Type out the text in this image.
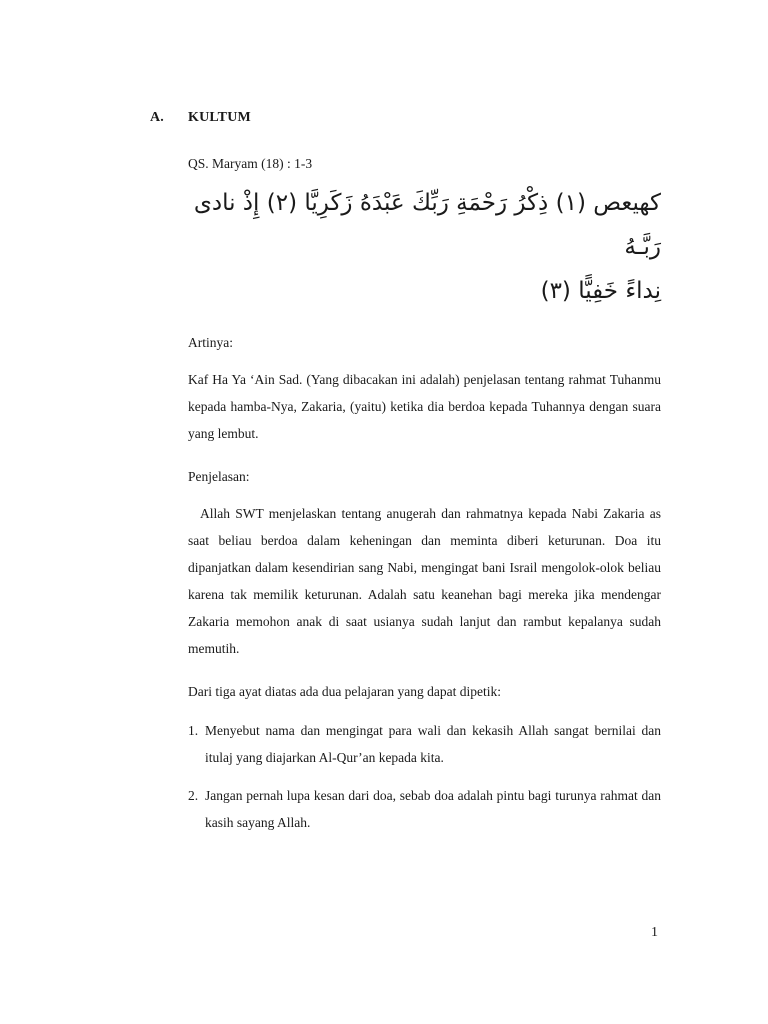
A. KULTUM

QS. Maryam (18) : 1-3

كهيعص (١) ذِكْرُ رَحْمَةِ رَبِّكَ عَبْدَهُ زَكَرِيَّا (٢) إِذْ نادى رَبَّـهُ
نِداءً خَفِيًّا (٣)

Artinya:

Kaf Ha Ya ‘Ain Sad. (Yang dibacakan ini adalah) penjelasan tentang rahmat Tuhanmu kepada hamba-Nya, Zakaria, (yaitu) ketika dia berdoa kepada Tuhannya dengan suara yang lembut.

Penjelasan:

Allah SWT menjelaskan tentang anugerah dan rahmatnya kepada Nabi Zakaria as saat beliau berdoa dalam keheningan dan meminta diberi keturunan. Doa itu dipanjatkan dalam kesendirian sang Nabi, mengingat bani Israil mengolok-olok beliau karena tak memilik keturunan. Adalah satu keanehan bagi mereka jika mendengar Zakaria memohon anak di saat usianya sudah lanjut dan rambut kepalanya sudah memutih.

Dari tiga ayat diatas ada dua pelajaran yang dapat dipetik:

1. Menyebut nama dan mengingat para wali dan kekasih Allah sangat bernilai dan itulaj yang diajarkan Al-Qur’an kepada kita.
2. Jangan pernah lupa kesan dari doa, sebab doa adalah pintu bagi turunya rahmat dan kasih sayang Allah.
1
